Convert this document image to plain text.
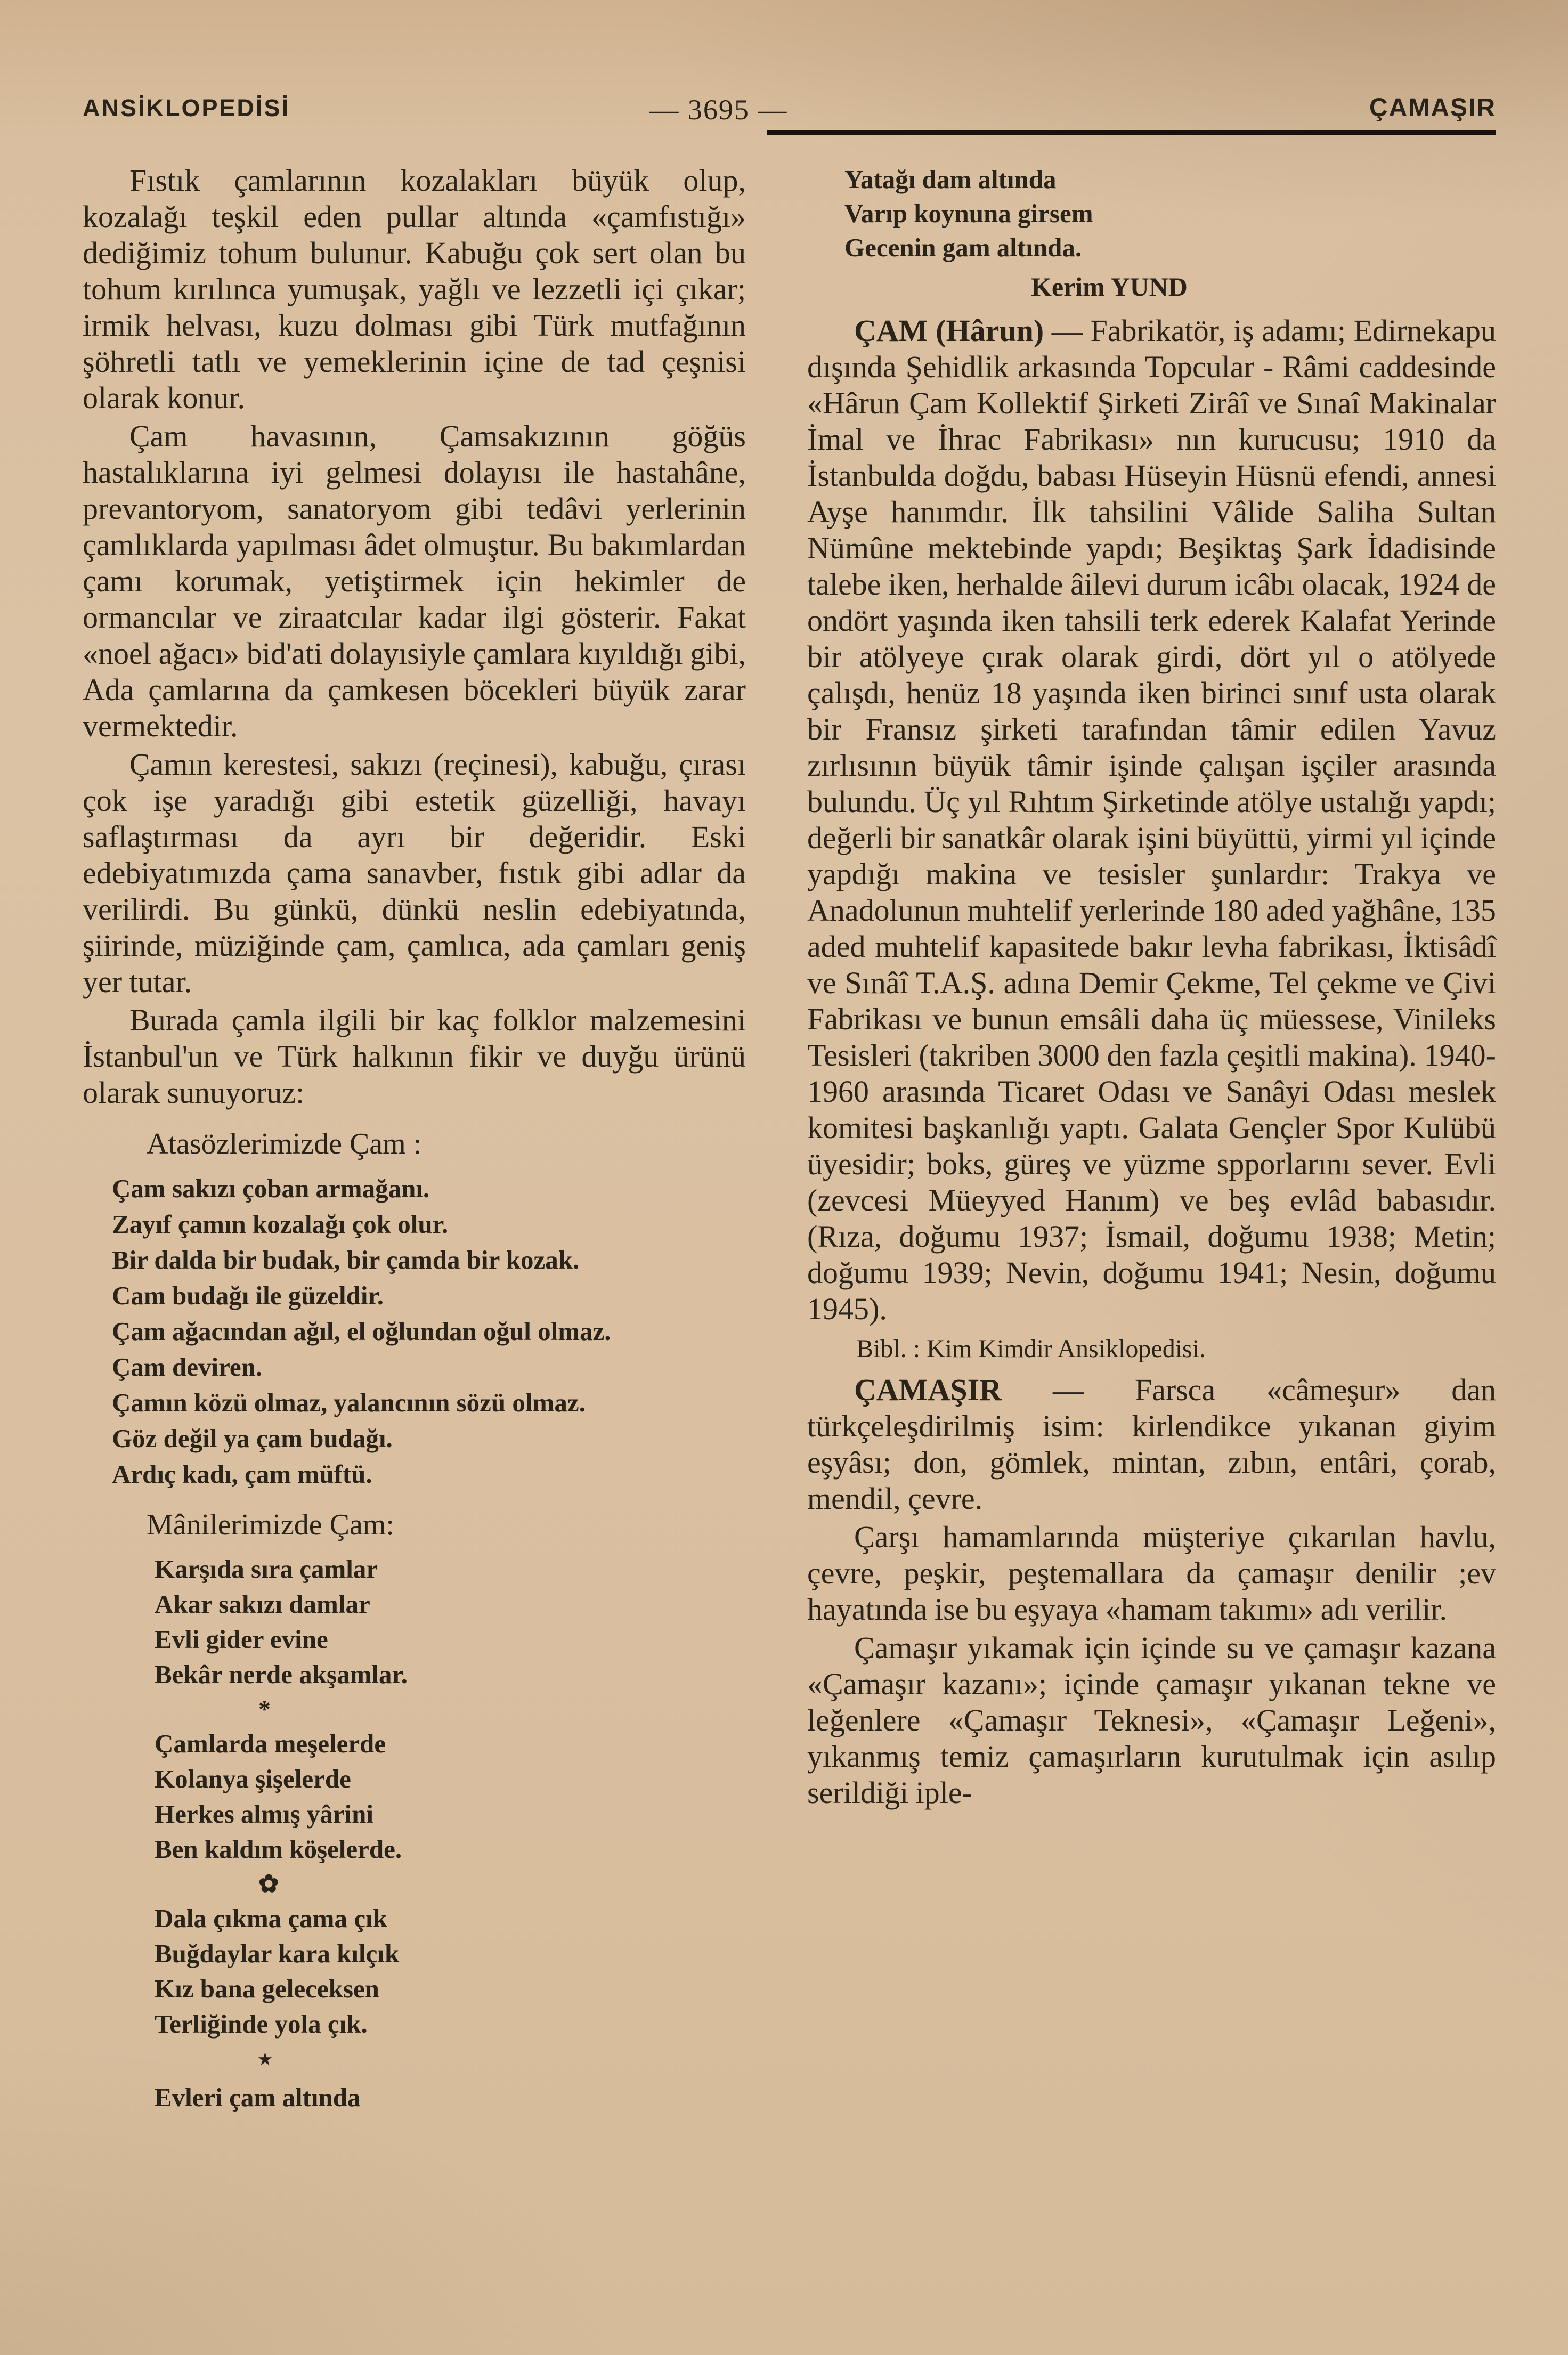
ANSİKLOPEDİSİ	— 3695 —	ÇAMAŞIR

Fıstık çamlarının kozalakları büyük olup, kozalağı teşkil eden pullar altında «çamfıstığı» dediğimiz tohum bulunur. Kabuğu çok sert olan bu tohum kırılınca yumuşak, yağlı ve lezzetli içi çıkar; irmik helvası, kuzu dolması gibi Türk mutfağının şöhretli tatlı ve yemeklerinin içine de tad çeşnisi olarak konur.

Çam havasının, Çamsakızının göğüs hastalıklarına iyi gelmesi dolayısı ile hastahâne, prevantoryom, sanatoryom gibi tedâvi yerlerinin çamlıklarda yapılması âdet olmuştur. Bu bakımlardan çamı korumak, yetiştirmek için hekimler de ormancılar ve ziraatcılar kadar ilgi gösterir. Fakat «noel ağacı» bid'ati dolayısiyle çamlara kıyıldığı gibi, Ada çamlarına da çamkesen böcekleri büyük zarar vermektedir.

Çamın kerestesi, sakızı (reçinesi), kabuğu, çırası çok işe yaradığı gibi estetik güzelliği, havayı saflaştırması da ayrı bir değeridir. Eski edebiyatımızda çama sanavber, fıstık gibi adlar da verilirdi. Bu günkü, dünkü neslin edebiyatında, şiirinde, müziğinde çam, çamlıca, ada çamları geniş yer tutar.

Burada çamla ilgili bir kaç folklor malzemesini İstanbul'un ve Türk halkının fikir ve duyğu ürünü olarak sunuyoruz:

Atasözlerimizde Çam :
Çam sakızı çoban armağanı.
Zayıf çamın kozalağı çok olur.
Bir dalda bir budak, bir çamda bir kozak.
Cam budağı ile güzeldir.
Çam ağacından ağıl, el oğlundan oğul olmaz.
Çam deviren.
Çamın közü olmaz, yalancının sözü olmaz.
Göz değil ya çam budağı.
Ardıç kadı, çam müftü.
Mânilerimizde Çam:
Karşıda sıra çamlar
Akar sakızı damlar
Evli gider evine
Bekâr nerde akşamlar.
*
Çamlarda meşelerde
Kolanya şişelerde
Herkes almış yârini
Ben kaldım köşelerde.
✿
Dala çıkma çama çık
Buğdaylar kara kılçık
Kız bana geleceksen
Terliğinde yola çık.
٭
Evleri çam altında
Yatağı dam altında
Varıp koynuna girsem
Gecenin gam altında.
Kerim YUND

ÇAM (Hârun) — Fabrikatör, iş adamı; Edirnekapu dışında Şehidlik arkasında Topcular - Râmi caddesinde «Hârun Çam Kollektif Şirketi Zirâî ve Sınaî Makinalar İmal ve İhrac Fabrikası» nın kurucusu; 1910 da İstanbulda doğdu, babası Hüseyin Hüsnü efendi, annesi Ayşe hanımdır. İlk tahsilini Vâlide Saliha Sultan Nümûne mektebinde yapdı; Beşiktaş Şark İdadisinde talebe iken, herhalde âilevi durum icâbı olacak, 1924 de ondört yaşında iken tahsili terk ederek Kalafat Yerinde bir atölyeye çırak olarak girdi, dört yıl o atölyede çalışdı, henüz 18 yaşında iken birinci sınıf usta olarak bir Fransız şirketi tarafından tâmir edilen Yavuz zırlısının büyük tâmir işinde çalışan işçiler arasında bulundu. Üç yıl Rıhtım Şirketinde atölye ustalığı yapdı; değerli bir sanatkâr olarak işini büyüttü, yirmi yıl içinde yapdığı makina ve tesisler şunlardır: Trakya ve Anadolunun muhtelif yerlerinde 180 aded yağhâne, 135 aded muhtelif kapasitede bakır levha fabrikası, İktisâdî ve Sınâî T.A.Ş. adına Demir Çekme, Tel çekme ve Çivi Fabrikası ve bunun emsâli daha üç müessese, Vinileks Tesisleri (takriben 3000 den fazla çeşitli makina). 1940-1960 arasında Ticaret Odası ve Sanâyi Odası meslek komitesi başkanlığı yaptı. Galata Gençler Spor Kulübü üyesidir; boks, güreş ve yüzme spporlarını sever. Evli (zevcesi Müeyyed Hanım) ve beş evlâd babasıdır. (Rıza, doğumu 1937; İsmail, doğumu 1938; Metin; doğumu 1939; Nevin, doğumu 1941; Nesin, doğumu 1945).

Bibl. : Kim Kimdir Ansiklopedisi.

ÇAMAŞIR — Farsca «câmeşur» dan türkçeleşdirilmiş isim: kirlendikce yıkanan giyim eşyâsı; don, gömlek, mintan, zıbın, entâri, çorab, mendil, çevre.

Çarşı hamamlarında müşteriye çıkarılan havlu, çevre, peşkir, peştemallara da çamaşır denilir ;ev hayatında ise bu eşyaya «hamam takımı» adı verilir.

Çamaşır yıkamak için içinde su ve çamaşır kazana «Çamaşır kazanı»; içinde çamaşır yıkanan tekne ve leğenlere «Çamaşır Teknesi», «Çamaşır Leğeni», yıkanmış temiz çamaşırların kurutulmak için asılıp serildiği iple-
